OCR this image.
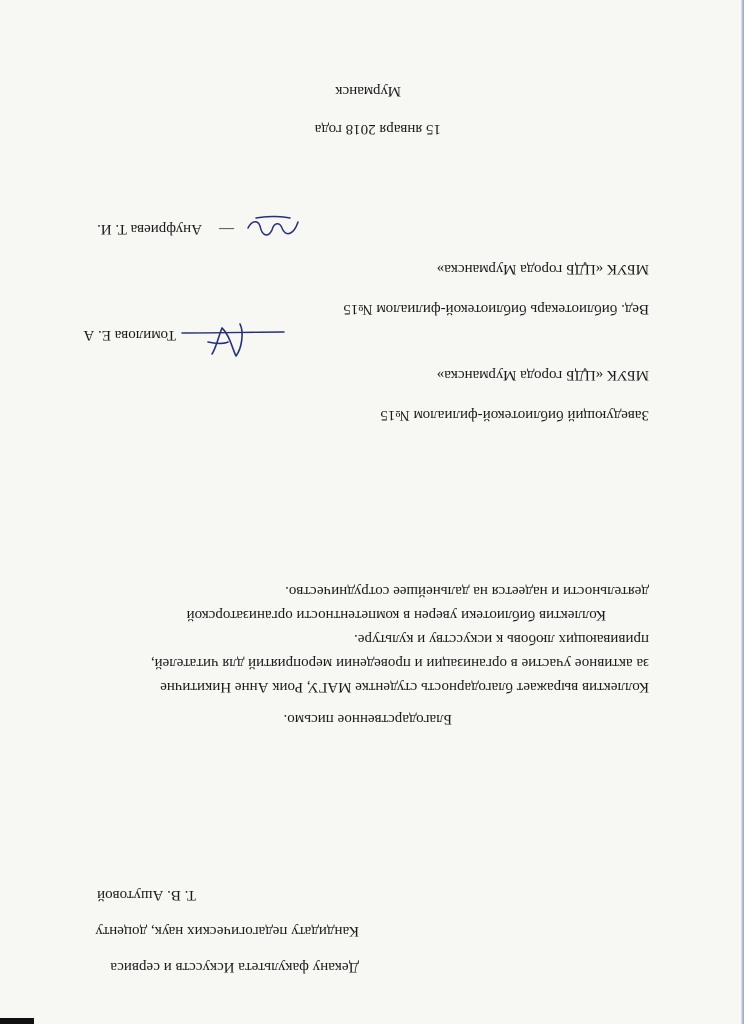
Декану факультета Искусств и сервиса
Кандидату педагогических наук, доценту
Т. В. Ашутовой
Благодарственное письмо.
Коллектив выражает благодарность студентке МАГУ, Роик Анне Никитичне
за активное участие в организации и проведении мероприятий для читателей,
прививающих любовь к искусству и культуре.
Коллектив библиотеки уверен в компетентности организаторской
деятельности и надеется на дальнейшее сотрудничество.
Заведующий библиотекой-филиалом №15
МБУК «ЦДБ города Мурманска»
Томилова Е. А
Вед. библиотекарь библиотекой-филиалом №15
МБУК «ЦДБ города Мурманска»
—
Ануфриева Т. И.
15 января 2018 года
Мурманск
